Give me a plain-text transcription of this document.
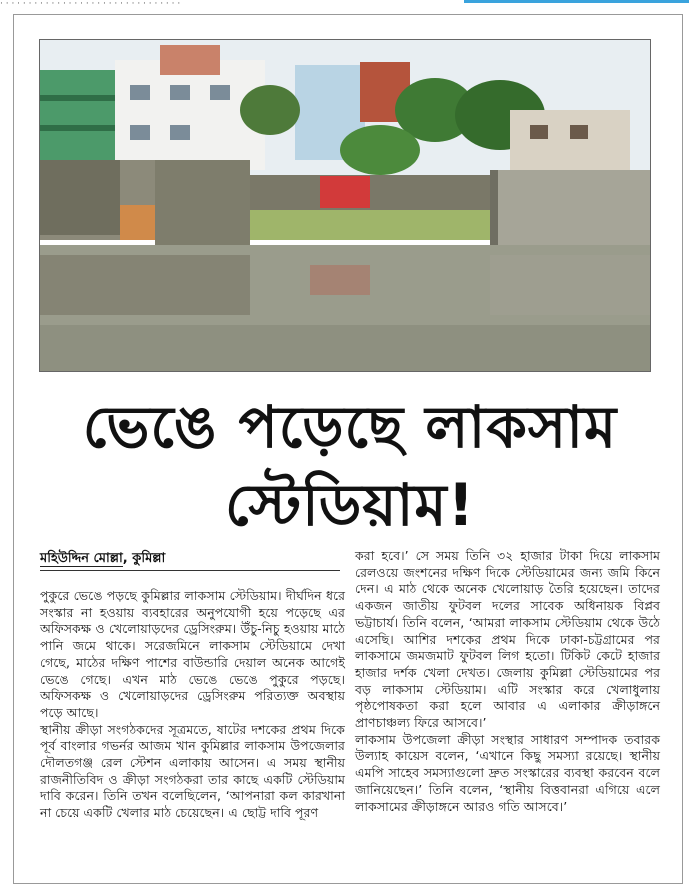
· · · · · · · · · · · · · · · · · · · · · · · · · · · · · · · ·
ভেঙে পড়েছে লাকসাম
স্টেডিয়াম!
মহিউদ্দিন মোল্লা, কুমিল্লা

পুকুরে ভেঙে পড়ছে কুমিল্লার লাকসাম স্টেডিয়াম। দীর্ঘদিন ধরে সংস্কার না হওয়ায় ব্যবহারের অনুপযোগী হয়ে পড়েছে এর অফিসকক্ষ ও খেলোয়াড়দের ড্রেসিংরুম। উঁচু-নিচু হওয়ায় মাঠে পানি জমে থাকে। সরেজমিনে লাকসাম স্টেডিয়ামে দেখা গেছে, মাঠের দক্ষিণ পাশের বাউন্ডারি দেয়াল অনেক আগেই ভেঙে গেছে। এখন মাঠ ভেঙে ভেঙে পুকুরে পড়ছে। অফিসকক্ষ ও খেলোয়াড়দের ড্রেসিংরুম পরিত্যক্ত অবস্থায় পড়ে আছে।

স্থানীয় ক্রীড়া সংগঠকদের সূত্রমতে, ষাটের দশকের প্রথম দিকে পূর্ব বাংলার গভর্নর আজম খান কুমিল্লার লাকসাম উপজেলার দৌলতগঞ্জ রেল স্টেশন এলাকায় আসেন। এ সময় স্থানীয় রাজনীতিবিদ ও ক্রীড়া সংগঠকরা তার কাছে একটি স্টেডিয়াম দাবি করেন। তিনি তখন বলেছিলেন, ‘আপনারা কল কারখানা না চেয়ে একটি খেলার মাঠ চেয়েছেন। এ ছোট্ট দাবি পূরণ

করা হবে।’ সে সময় তিনি ৩২ হাজার টাকা দিয়ে লাকসাম রেলওয়ে জংশনের দক্ষিণ দিকে স্টেডিয়ামের জন্য জমি কিনে দেন। এ মাঠ থেকে অনেক খেলোয়াড় তৈরি হয়েছেন। তাদের একজন জাতীয় ফুটবল দলের সাবেক অধিনায়ক বিপ্লব ভট্টাচার্য। তিনি বলেন, ‘আমরা লাকসাম স্টেডিয়াম থেকে উঠে এসেছি। আশির দশকের প্রথম দিকে ঢাকা-চট্টগ্রামের পর লাকসামে জমজমাট ফুটবল লিগ হতো। টিকিট কেটে হাজার হাজার দর্শক খেলা দেখত। জেলায় কুমিল্লা স্টেডিয়ামের পর বড় লাকসাম স্টেডিয়াম। এটি সংস্কার করে খেলাধুলায় পৃষ্ঠপোষকতা করা হলে আবার এ এলাকার ক্রীড়াঙ্গনে প্রাণচাঞ্চল্য ফিরে আসবে।’

লাকসাম উপজেলা ক্রীড়া সংস্থার সাধারণ সম্পাদক তবারক উল্যাহ কায়েস বলেন, ‘এখানে কিছু সমস্যা রয়েছে। স্থানীয় এমপি সাহেব সমস্যাগুলো দ্রুত সংস্কারের ব্যবস্থা করবেন বলে জানিয়েছেন।’ তিনি বলেন, ‘স্থানীয় বিত্তবানরা এগিয়ে এলে লাকসামের ক্রীড়াঙ্গনে আরও গতি আসবে।’
